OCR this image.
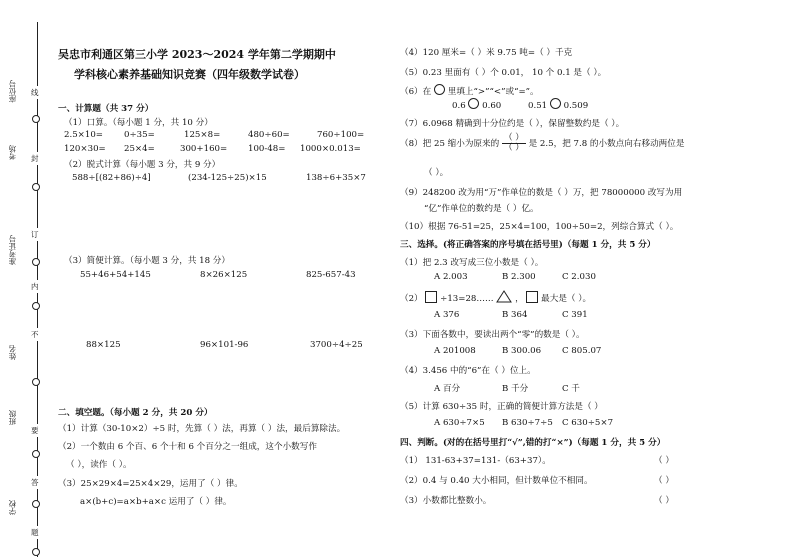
座位号
考场
准考证号
姓名
班级
学校
线
封
订
内
不
要
答
题
吴忠市利通区第三小学 2023～2024 学年第二学期期中
学科核心素养基础知识竞赛（四年级数学试卷）
一、计算题（共 37 分）
（1）口算。（每小题 1 分，共 10 分）
2.5×10= 0÷35=	125×8=	480÷60=	760÷100=
120×30= 25×4=	300+160= 100-48= 1000×0.013=
（2）脱式计算（每小题 3 分，共 9 分）
588÷[(82+86)÷4]	(234-125÷25)×15	138÷6+35×7
（3）简便计算。（每小题 3 分，共 18 分）
55+46+54+145	8×26×125	825-657-43
88×125	96×101-96	3700÷4÷25
二、填空题。（每小题 2 分，共 20 分）
（1）计算（30-10×2）÷5 时，先算（ ）法，再算（ ）法，最后算除法。
（2）一个数由 6 个百、6 个十和 6 个百分之一组成，这个小数写作
（ ），读作（ ）。
（3）25×29×4=25×4×29，运用了（ ）律。
a×(b+c)=a×b+a×c 运用了（ ）律。
（4）120 厘米=（ ）米 9.75 吨=（ ）千克
（5）0.23 里面有（ ）个 0.01， 10 个 0.1 是（ ）。
（6）在 里填上“>”“<”或“=”。
0.6 0.60	0.51 0.509
（7）6.0968 精确到十分位约是（ ），保留整数约是（ ）。
（8）把 25 缩小为原来的 $\frac{( )}{( )}$ 是 2.5，把 7.8 的小数点向右移动两位是
（ ）。
（9）248200 改为用“万”作单位的数是（ ）万，把 78000000 改写为用
“亿”作单位的数约是（ ）亿。
（10）根据 76-51=25，25×4=100，100÷50=2，列综合算式（ ）。
三、选择。(将正确答案的序号填在括号里)（每题 1 分，共 5 分）
（1）把 2.3 改写成三位小数是（ ）。
A 2.003	B 2.300	C 2.030
（2） ÷13=28…… ， 最大是（ ）。
A 376	B 364	C 391
（3）下面各数中，要读出两个“零”的数是（ ）。
A 201008	B 300.06 C 805.07
（4）3.456 中的“6”在（ ）位上。
A 百分	B 千分	C 千
（5）计算 630÷35 时，正确的简便计算方法是（ ）
A 630÷7×5 B 630÷7÷5 C 630÷5×7
四、判断。(对的在括号里打“√”,错的打“×”)（每题 1 分，共 5 分）
（1） 131-63+37=131-（63+37）。	（ ）
（2）0.4 与 0.40 大小相同，但计数单位不相同。	（ ）
（3）小数都比整数小。	（ ）
